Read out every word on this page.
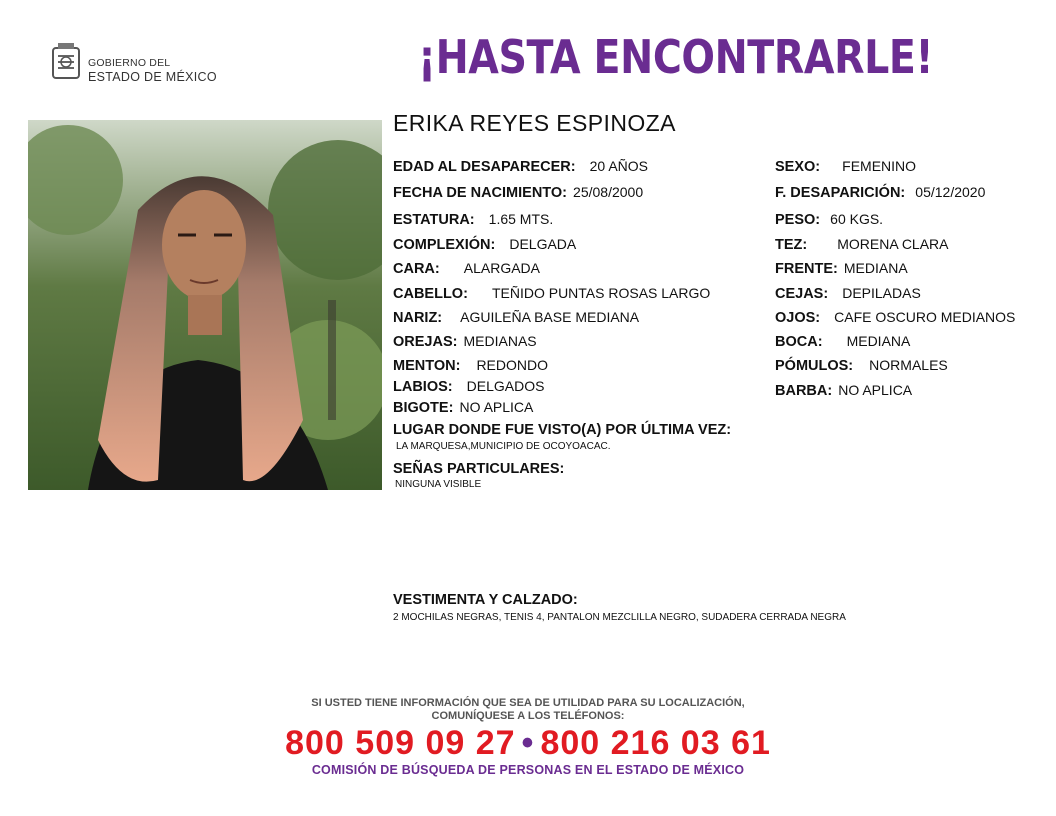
GOBIERNO DEL
ESTADO DE MÉXICO	¡HASTA ENCONTRARLE!
ERIKA REYES ESPINOZA
EDAD AL DESAPARECER: 20 AÑOS
FECHA DE NACIMIENTO: 25/08/2000
ESTATURA: 1.65 MTS.
COMPLEXIÓN: DELGADA
CARA: ALARGADA
CABELLO: TEÑIDO PUNTAS ROSAS LARGO
NARIZ: AGUILEÑA BASE MEDIANA
OREJAS: MEDIANAS
MENTON: REDONDO
LABIOS: DELGADOS
BIGOTE: NO APLICA
SEXO: FEMENINO
F. DESAPARICIÓN: 05/12/2020
PESO: 60 KGS.
TEZ: MORENA CLARA
FRENTE: MEDIANA
CEJAS: DEPILADAS
OJOS: CAFE OSCURO MEDIANOS
BOCA: MEDIANA
PÓMULOS: NORMALES
BARBA: NO APLICA
LUGAR DONDE FUE VISTO(A) POR ÚLTIMA VEZ:
LA MARQUESA,MUNICIPIO DE OCOYOACAC.
SEÑAS PARTICULARES:
NINGUNA VISIBLE
VESTIMENTA Y CALZADO:
2 MOCHILAS NEGRAS, TENIS 4, PANTALON MEZCLILLA NEGRO, SUDADERA CERRADA NEGRA
SI USTED TIENE INFORMACIÓN QUE SEA DE UTILIDAD PARA SU LOCALIZACIÓN,
COMUNÍQUESE A LOS TELÉFONOS:
800 509 09 27 • 800 216 03 61
COMISIÓN DE BÚSQUEDA DE PERSONAS EN EL ESTADO DE MÉXICO
